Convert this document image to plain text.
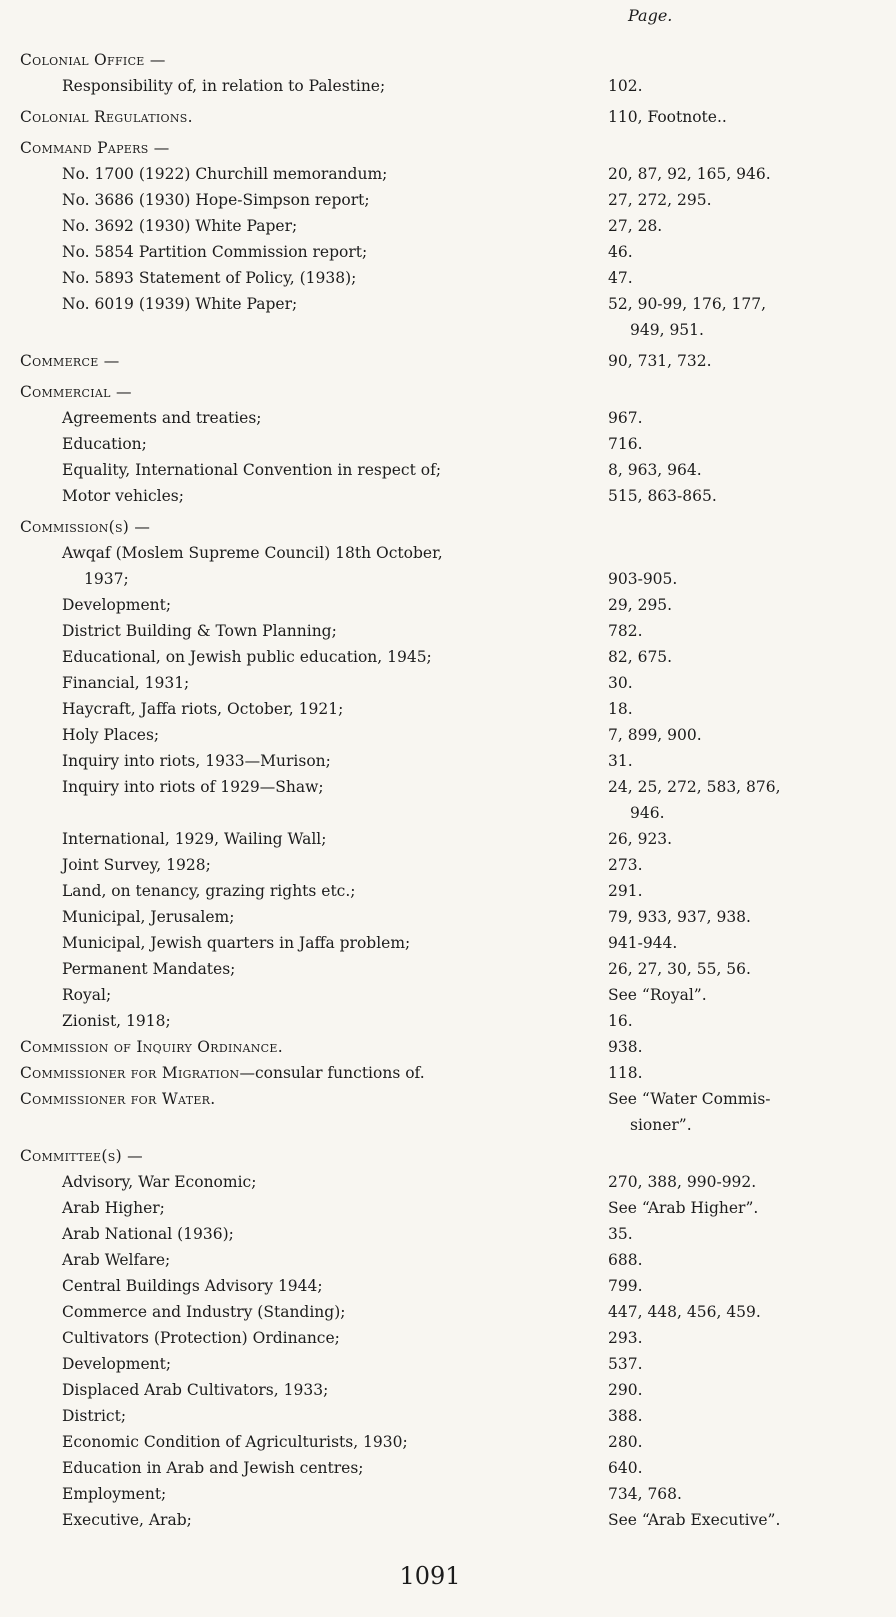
Page.
Colonial Office —
Responsibility of, in relation to Palestine;	102.
Colonial Regulations.	110, Footnote..
Command Papers —
No. 1700 (1922) Churchill memorandum;	20, 87, 92, 165, 946.
No. 3686 (1930) Hope-Simpson report;	27, 272, 295.
No. 3692 (1930) White Paper;	27, 28.
No. 5854 Partition Commission report;	46.
No. 5893 Statement of Policy, (1938);	47.
No. 6019 (1939) White Paper;	52, 90-99, 176, 177,
949, 951.
Commerce —	90, 731, 732.
Commercial —
Agreements and treaties;	967.
Education;	716.
Equality, International Convention in respect of;	8, 963, 964.
Motor vehicles;	515, 863-865.
Commission(s) —
Awqaf (Moslem Supreme Council) 18th October,
1937;	903-905.
Development;	29, 295.
District Building & Town Planning;	782.
Educational, on Jewish public education, 1945;	82, 675.
Financial, 1931;	30.
Haycraft, Jaffa riots, October, 1921;	18.
Holy Places;	7, 899, 900.
Inquiry into riots, 1933—Murison;	31.
Inquiry into riots of 1929—Shaw;	24, 25, 272, 583, 876,
946.
International, 1929, Wailing Wall;	26, 923.
Joint Survey, 1928;	273.
Land, on tenancy, grazing rights etc.;	291.
Municipal, Jerusalem;	79, 933, 937, 938.
Municipal, Jewish quarters in Jaffa problem;	941-944.
Permanent Mandates;	26, 27, 30, 55, 56.
Royal;	See “Royal”.
Zionist, 1918;	16.
Commission of Inquiry Ordinance.	938.
Commissioner for Migration—consular functions of.	118.
Commissioner for Water.	See “Water Commis-
sioner”.
Committee(s) —
Advisory, War Economic;	270, 388, 990-992.
Arab Higher;	See “Arab Higher”.
Arab National (1936);	35.
Arab Welfare;	688.
Central Buildings Advisory 1944;	799.
Commerce and Industry (Standing);	447, 448, 456, 459.
Cultivators (Protection) Ordinance;	293.
Development;	537.
Displaced Arab Cultivators, 1933;	290.
District;	388.
Economic Condition of Agriculturists, 1930;	280.
Education in Arab and Jewish centres;	640.
Employment;	734, 768.
Executive, Arab;	See “Arab Executive”.
1091
